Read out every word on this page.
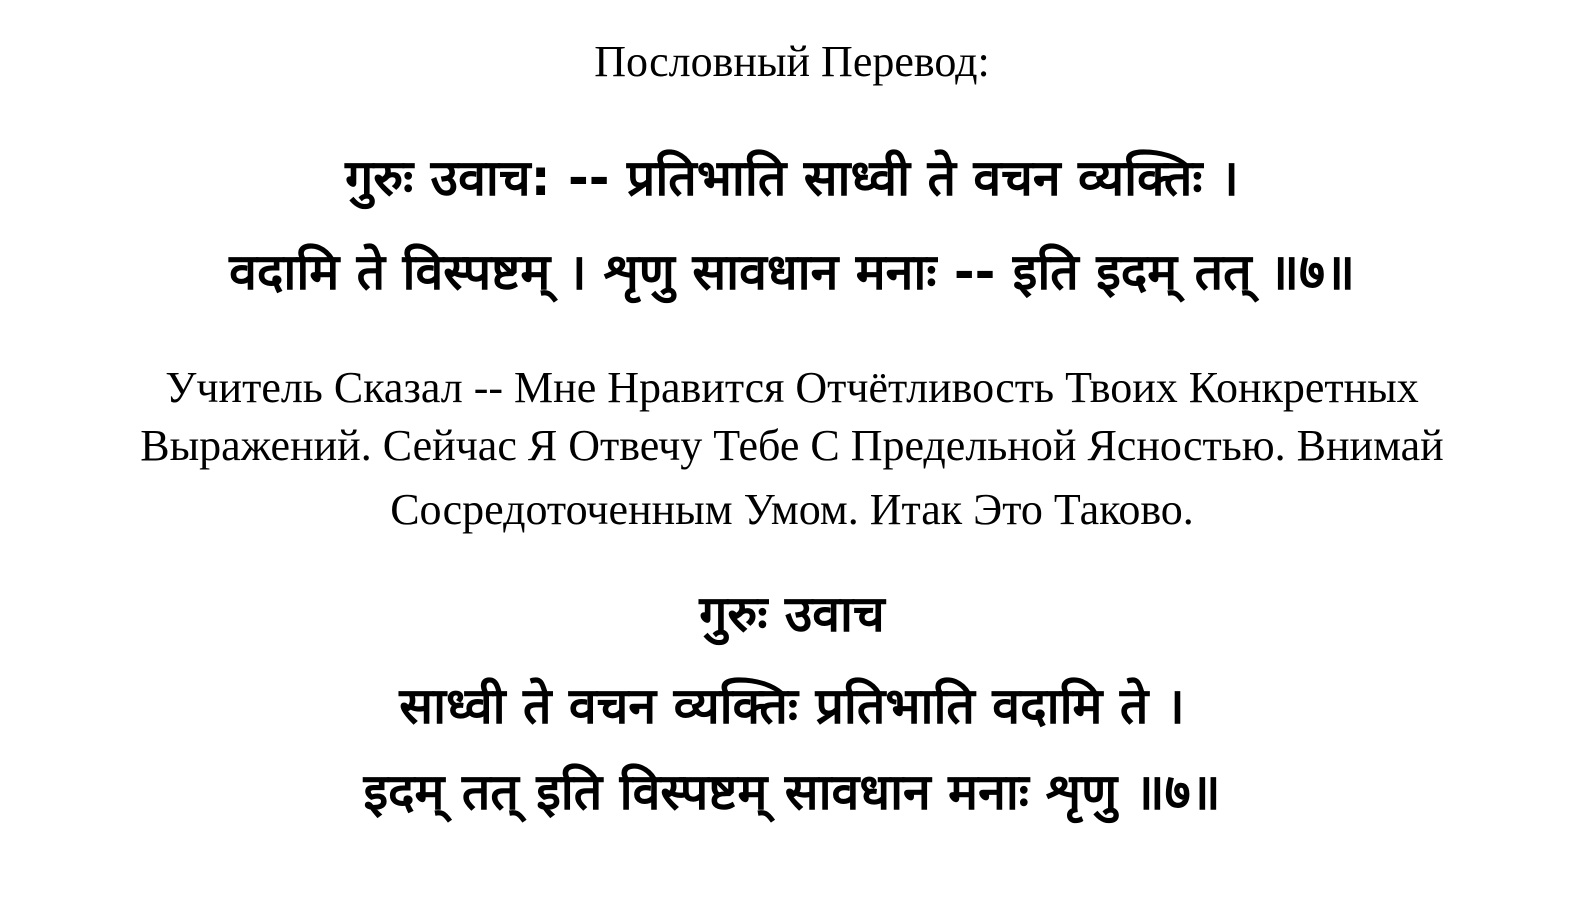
Пословный Перевод:
गुरुः उवाच: -- प्रतिभाति साध्वी ते वचन व्यक्तिः ।
वदामि ते विस्पष्टम् । शृणु सावधान मनाः -- इति इदम् तत् ॥७॥
Учитель Сказал -- Мне Нравится Отчётливость Твоих Конкретных
Выражений. Сейчас Я Отвечу Тебе С Предельной Ясностью. Внимай
Сосредоточенным Умом. Итак Это Таково.
गुरुः उवाच
साध्वी ते वचन व्यक्तिः प्रतिभाति वदामि ते ।
इदम् तत् इति विस्पष्टम् सावधान मनाः शृणु ॥७॥
